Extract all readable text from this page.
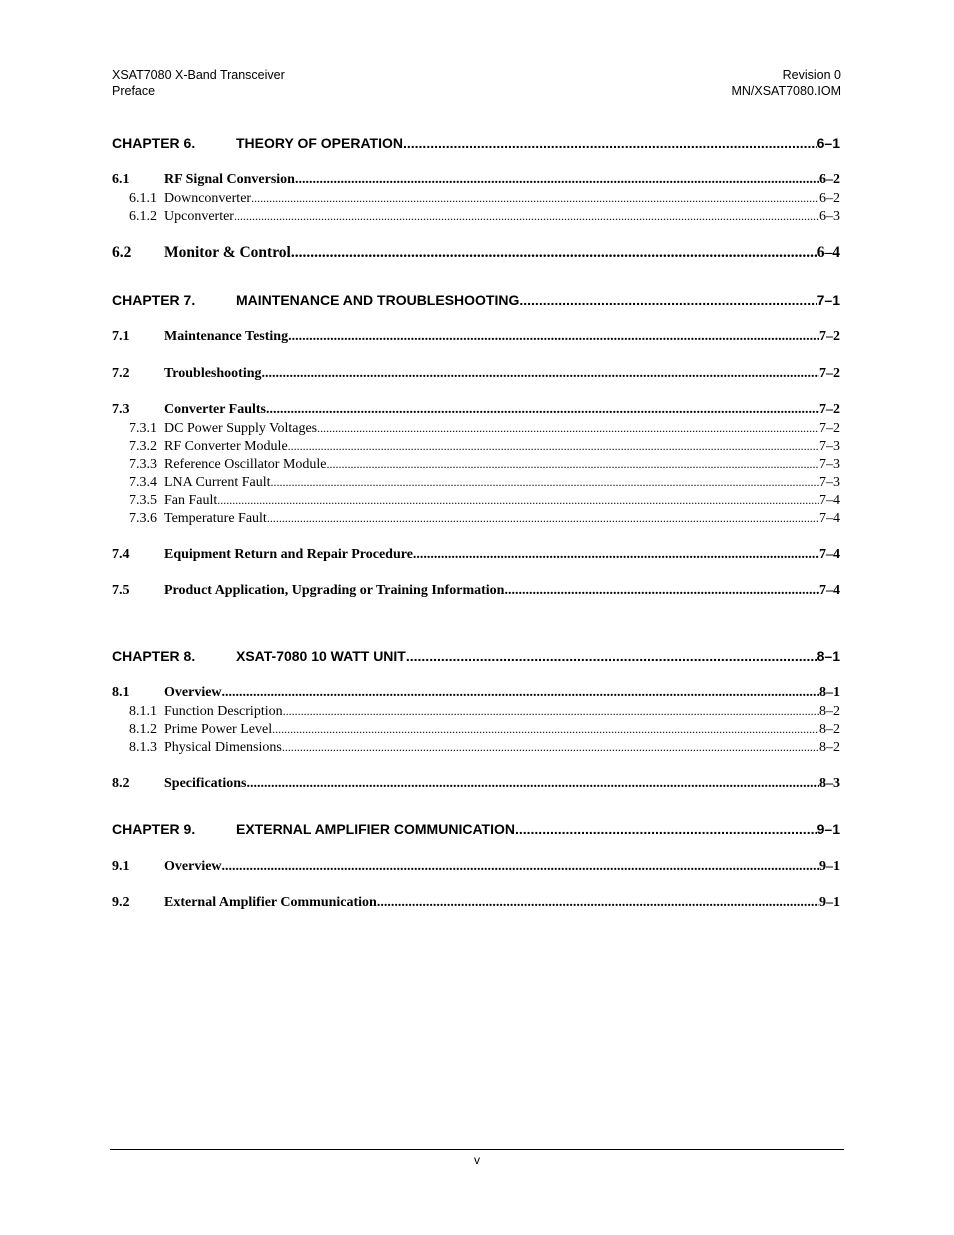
XSAT7080 X-Band Transceiver
Preface
Revision 0
MN/XSAT7080.IOM
CHAPTER 6.	THEORY OF OPERATION .....	6–1
6.1	RF Signal Conversion .....	6–2
6.1.1 Downconverter .....	6–2
6.1.2 Upconverter .....	6–3
6.2	Monitor & Control .....	6–4
CHAPTER 7.	MAINTENANCE AND TROUBLESHOOTING .....	7–1
7.1	Maintenance Testing .....	7–2
7.2	Troubleshooting .....	7–2
7.3	Converter Faults .....	7–2
7.3.1 DC Power Supply Voltages .....	7–2
7.3.2 RF Converter Module .....	7–3
7.3.3 Reference Oscillator Module .....	7–3
7.3.4 LNA Current Fault .....	7–3
7.3.5 Fan Fault .....	7–4
7.3.6 Temperature Fault .....	7–4
7.4	Equipment Return and Repair Procedure .....	7–4
7.5	Product Application, Upgrading or Training Information .....	7–4
CHAPTER 8.	XSAT-7080 10 WATT UNIT .....	8–1
8.1	Overview .....	8–1
8.1.1 Function Description .....	8–2
8.1.2 Prime Power Level .....	8–2
8.1.3 Physical Dimensions .....	8–2
8.2	Specifications .....	8–3
CHAPTER 9.	EXTERNAL AMPLIFIER COMMUNICATION .....	9–1
9.1	Overview .....	9–1
9.2	External Amplifier Communication .....	9–1
v
